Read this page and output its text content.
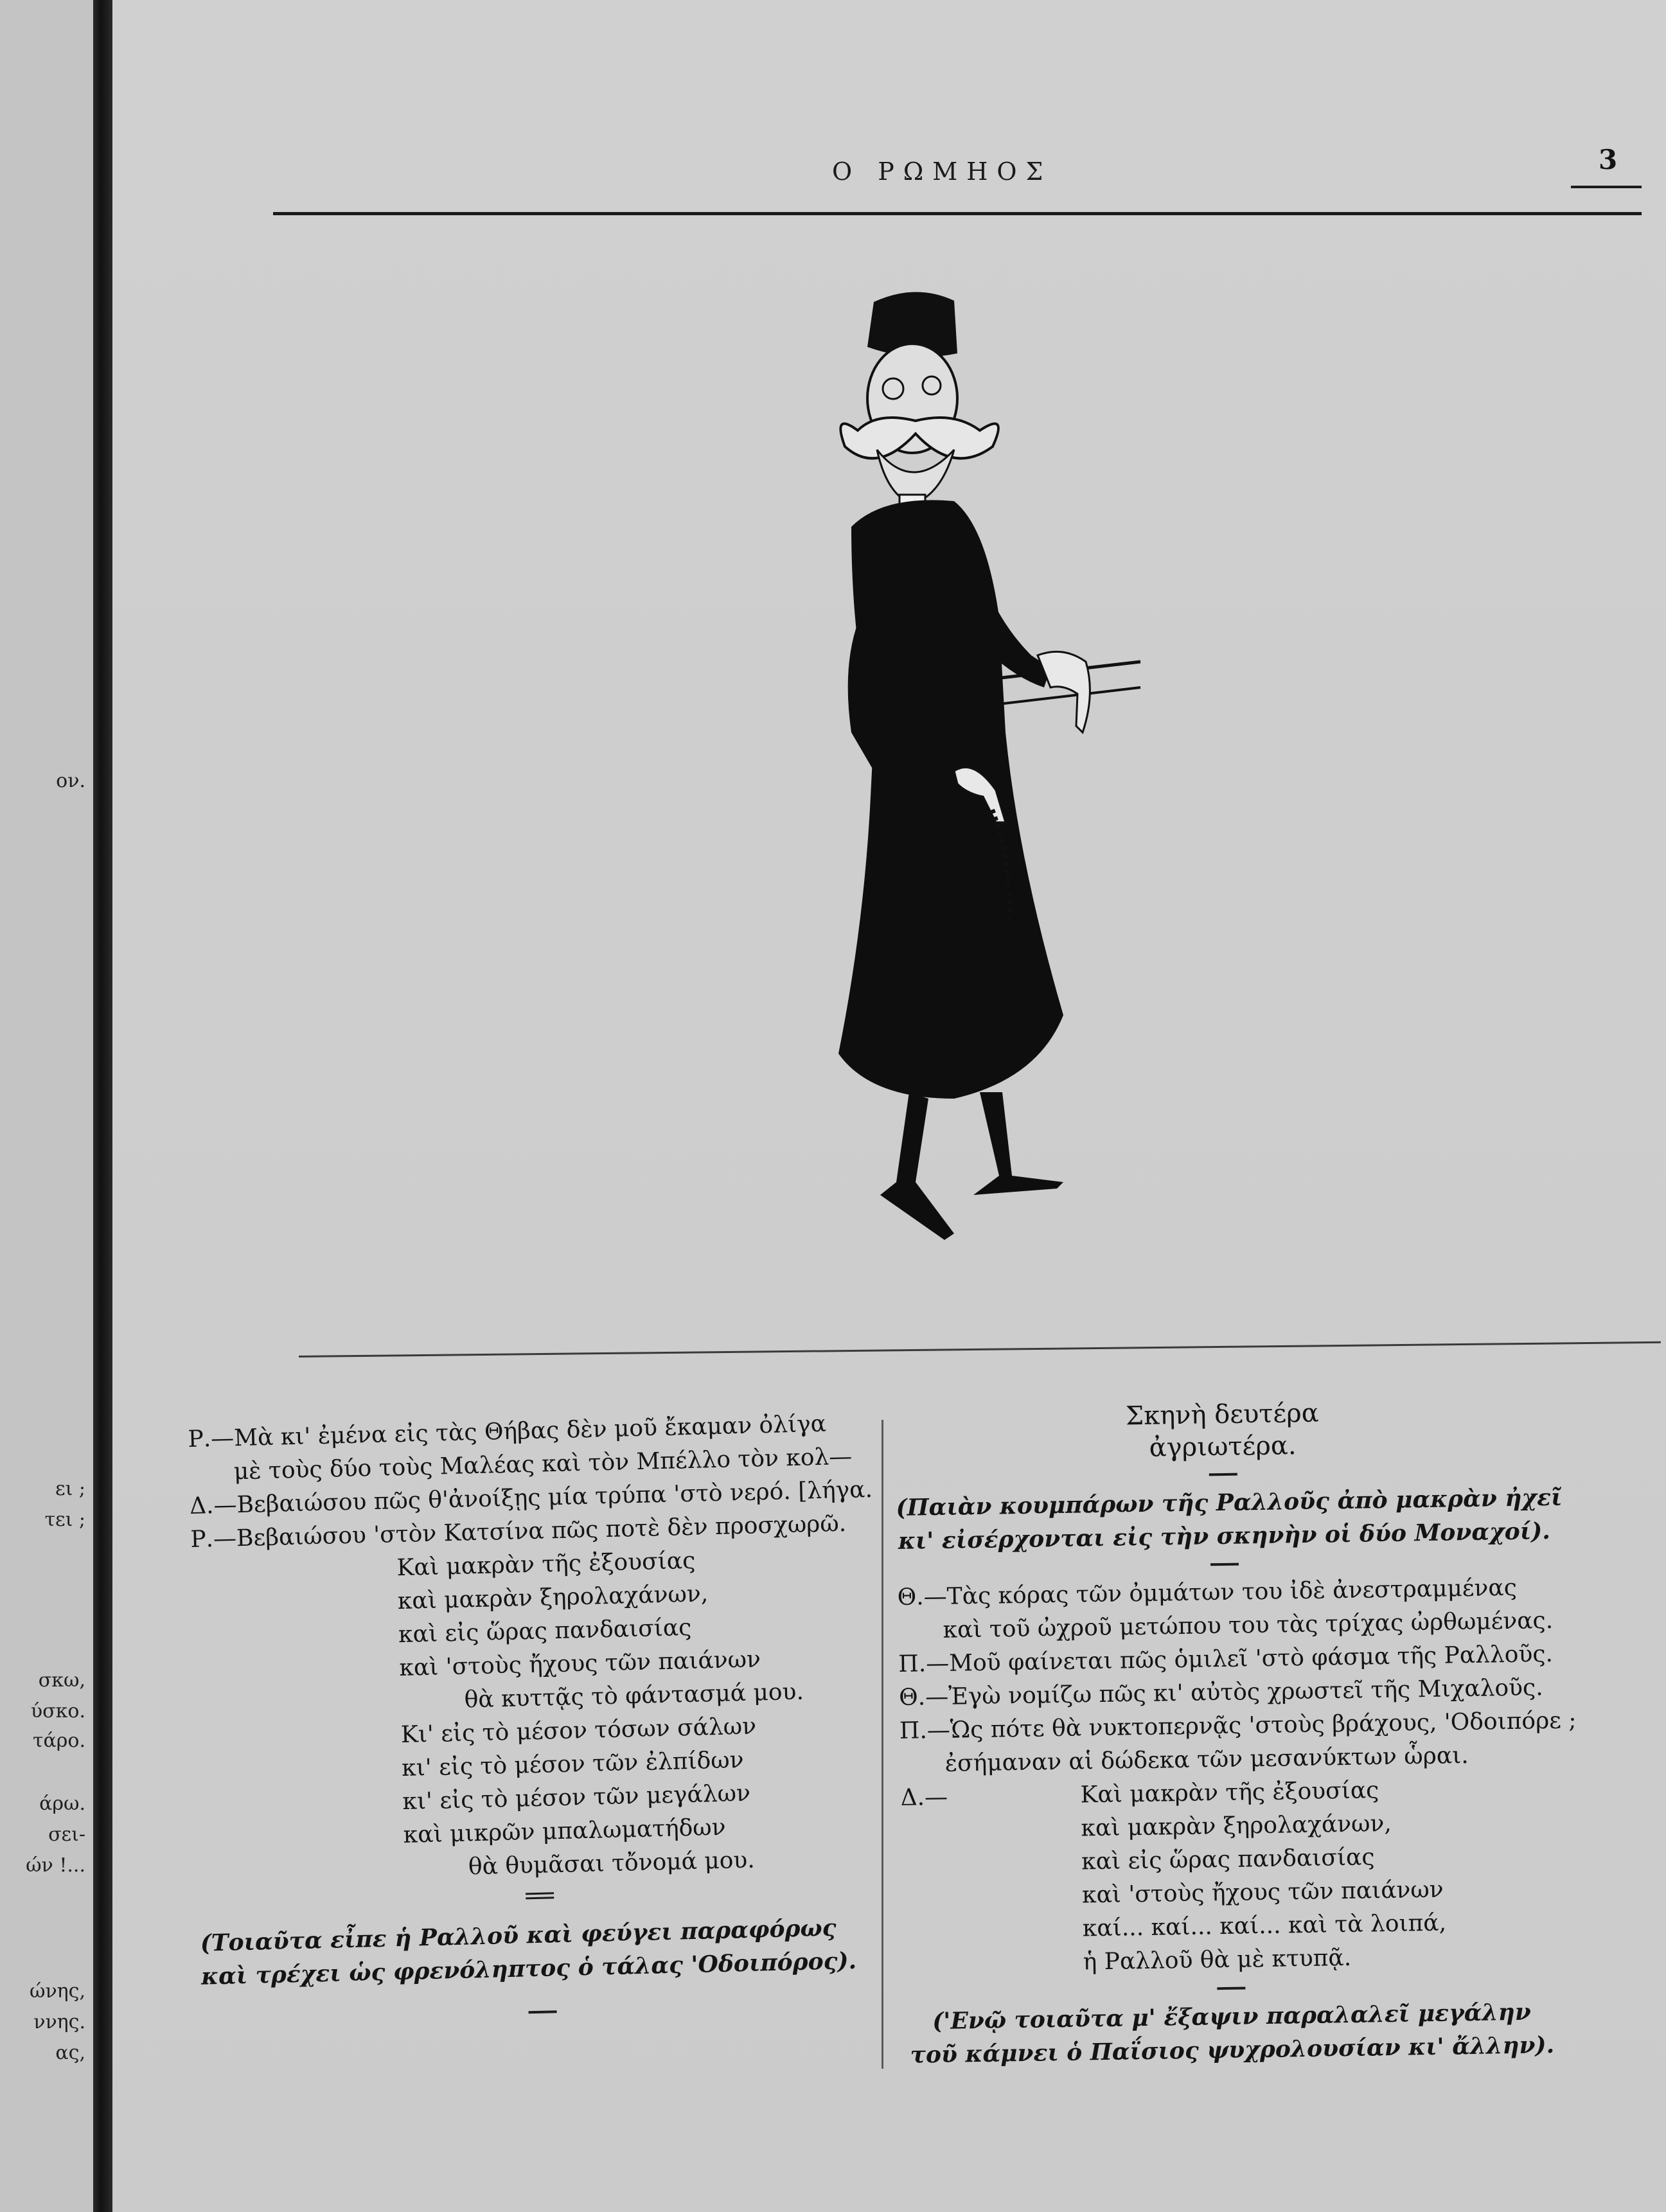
ον.
ει ;
τει ;
σκω,
ύσκο.
τάρο.
άρω.
σει-
ών !...
ώνης,
ννης.
ας,
Ο ΡΩΜΗΟΣ	3
Ρ.—Μὰ κι' ἐμένα εἰς τὰς Θήβας δὲν μοῦ ἔκαμαν ὀλίγα
μὲ τοὺς δύο τοὺς Μαλέας καὶ τὸν Μπέλλο τὸν κολ—
Δ.—Βεβαιώσου πῶς θ'ἀνοίξῃς μία τρύπα 'στὸ νερό. [λήγα.
Ρ.—Βεβαιώσου 'στὸν Κατσίνα πῶς ποτὲ δὲν προσχωρῶ.
Καὶ μακρὰν τῆς ἐξουσίας
καὶ μακρὰν ξηρολαχάνων,
καὶ εἰς ὥρας πανδαισίας
καὶ 'στοὺς ἤχους τῶν παιάνων
θὰ κυττᾷς τὸ φάντασμά μου.
Κι' εἰς τὸ μέσον τόσων σάλων
κι' εἰς τὸ μέσον τῶν ἐλπίδων
κι' εἰς τὸ μέσον τῶν μεγάλων
καὶ μικρῶν μπαλωματήδων
θὰ θυμᾶσαι τὄνομά μου.
(Τοιαῦτα εἶπε ἡ Ραλλοῦ καὶ φεύγει παραφόρως
καὶ τρέχει ὡς φρενόληπτος ὁ τάλας 'Οδοιπόρος).
Σκηνὴ δευτέρα
ἀγριωτέρα.
(Παιὰν κουμπάρων τῆς Ραλλοῦς ἀπὸ μακρὰν ἠχεῖ
κι' εἰσέρχονται εἰς τὴν σκηνὴν οἱ δύο Μοναχοί).
Θ.—Τὰς κόρας τῶν ὀμμάτων του ἰδὲ ἀνεστραμμένας
καὶ τοῦ ὠχροῦ μετώπου του τὰς τρίχας ὠρθωμένας.
Π.—Μοῦ φαίνεται πῶς ὁμιλεῖ 'στὸ φάσμα τῆς Ραλλοῦς.
Θ.—Ἐγὼ νομίζω πῶς κι' αὐτὸς χρωστεῖ τῆς Μιχαλοῦς.
Π.—Ὡς πότε θὰ νυκτοπερνᾷς 'στοὺς βράχους, 'Οδοιπόρε ;
ἐσήμαναν αἱ δώδεκα τῶν μεσανύκτων ὧραι.
Δ.—	Καὶ μακρὰν τῆς ἐξουσίας
καὶ μακρὰν ξηρολαχάνων,
καὶ εἰς ὥρας πανδαισίας
καὶ 'στοὺς ἤχους τῶν παιάνων
καί... καί... καί... καὶ τὰ λοιπά,
ἡ Ραλλοῦ θὰ μὲ κτυπᾷ.
('Ενῷ τοιαῦτα μ' ἔξαψιν παραλαλεῖ μεγάλην
τοῦ κάμνει ὁ Παΐσιος ψυχρολουσίαν κι' ἄλλην).
